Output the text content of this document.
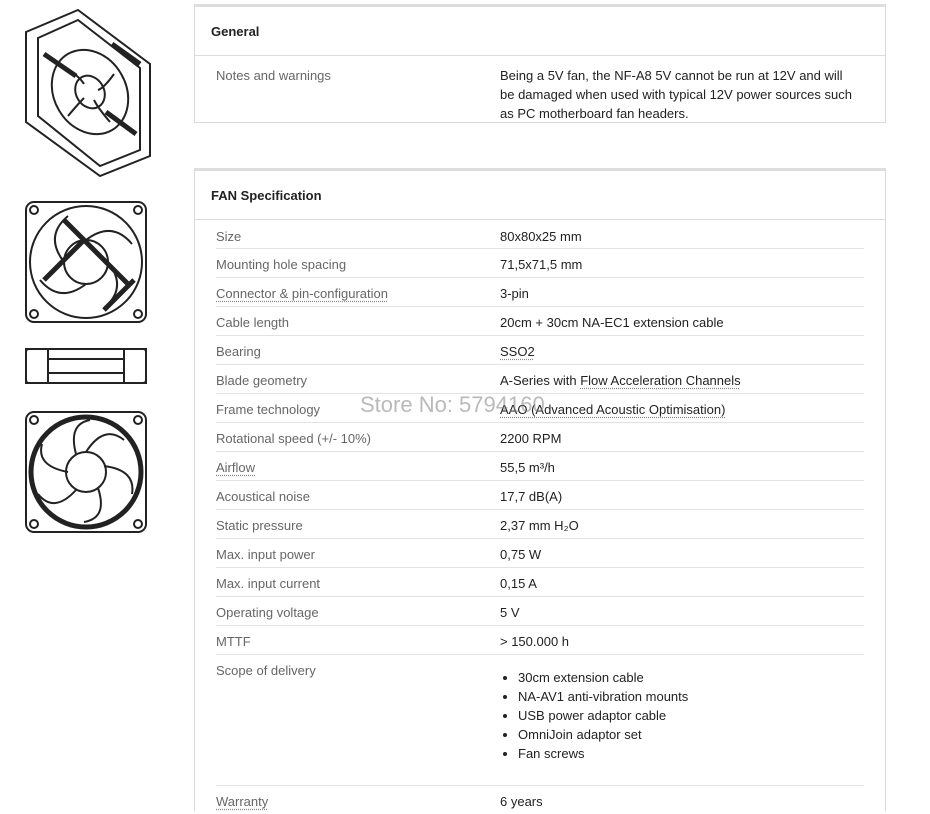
General
Notes and warnings	Being a 5V fan, the NF-A8 5V cannot be run at 12V and will be damaged when used with typical 12V power sources such as PC motherboard fan headers.
FAN Specification
Size	80x80x25 mm
Mounting hole spacing	71,5x71,5 mm
Connector & pin-configuration	3-pin
Cable length	20cm + 30cm NA-EC1 extension cable
Bearing	SSO2
Blade geometry	A-Series with Flow Acceleration Channels
Frame technology	AAO (Advanced Acoustic Optimisation)
Rotational speed (+/- 10%)	2200 RPM
Airflow	55,5 m³/h
Acoustical noise	17,7 dB(A)
Static pressure	2,37 mm H₂O
Max. input power	0,75 W
Max. input current	0,15 A
Operating voltage	5 V
MTTF	> 150.000 h
Scope of delivery
•	30cm extension cable
• NA-AV1 anti-vibration mounts
• USB power adaptor cable
• OmniJoin adaptor set
• Fan screws
Warranty	6 years
Store No: 5794160
